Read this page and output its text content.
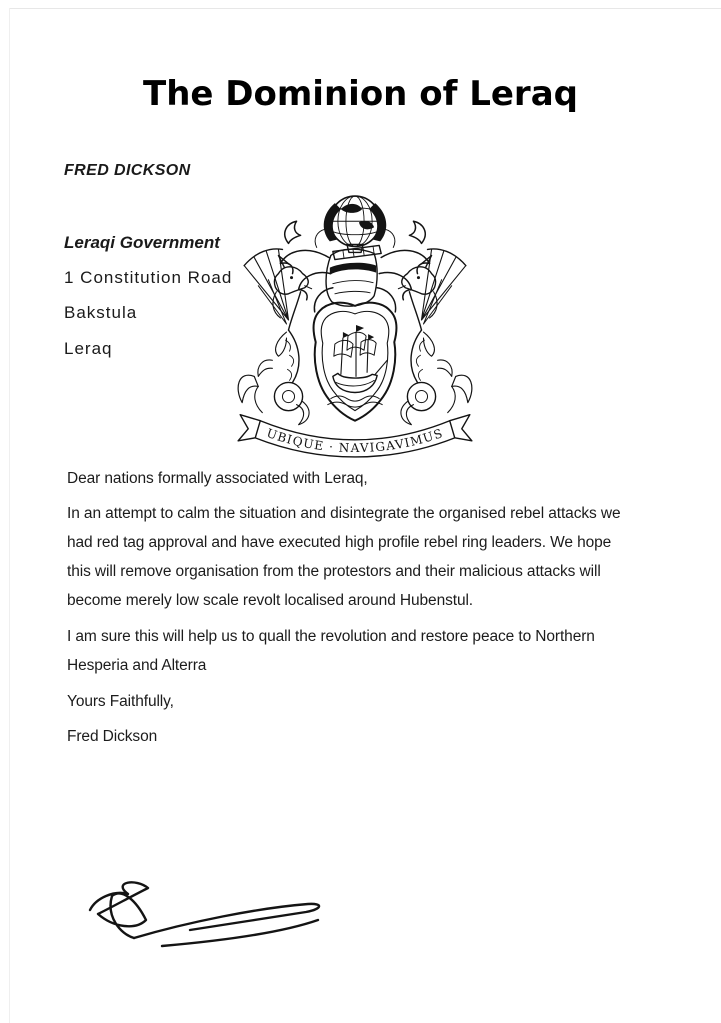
The Dominion of Leraq
FRED DICKSON
Leraqi Government
1 Constitution Road
Bakstula
Leraq
UBIQUE · NAVIGAVIMUS

Dear nations formally associated with Leraq,

In an attempt to calm the situation and disintegrate the organised rebel attacks we
had red tag approval and have executed high profile rebel ring leaders. We hope
this will remove organisation from the protestors and their malicious attacks will
become merely low scale revolt localised around Hubenstul.

I am sure this will help us to quall the revolution and restore peace to Northern
Hesperia and Alterra

Yours Faithfully,

Fred Dickson
